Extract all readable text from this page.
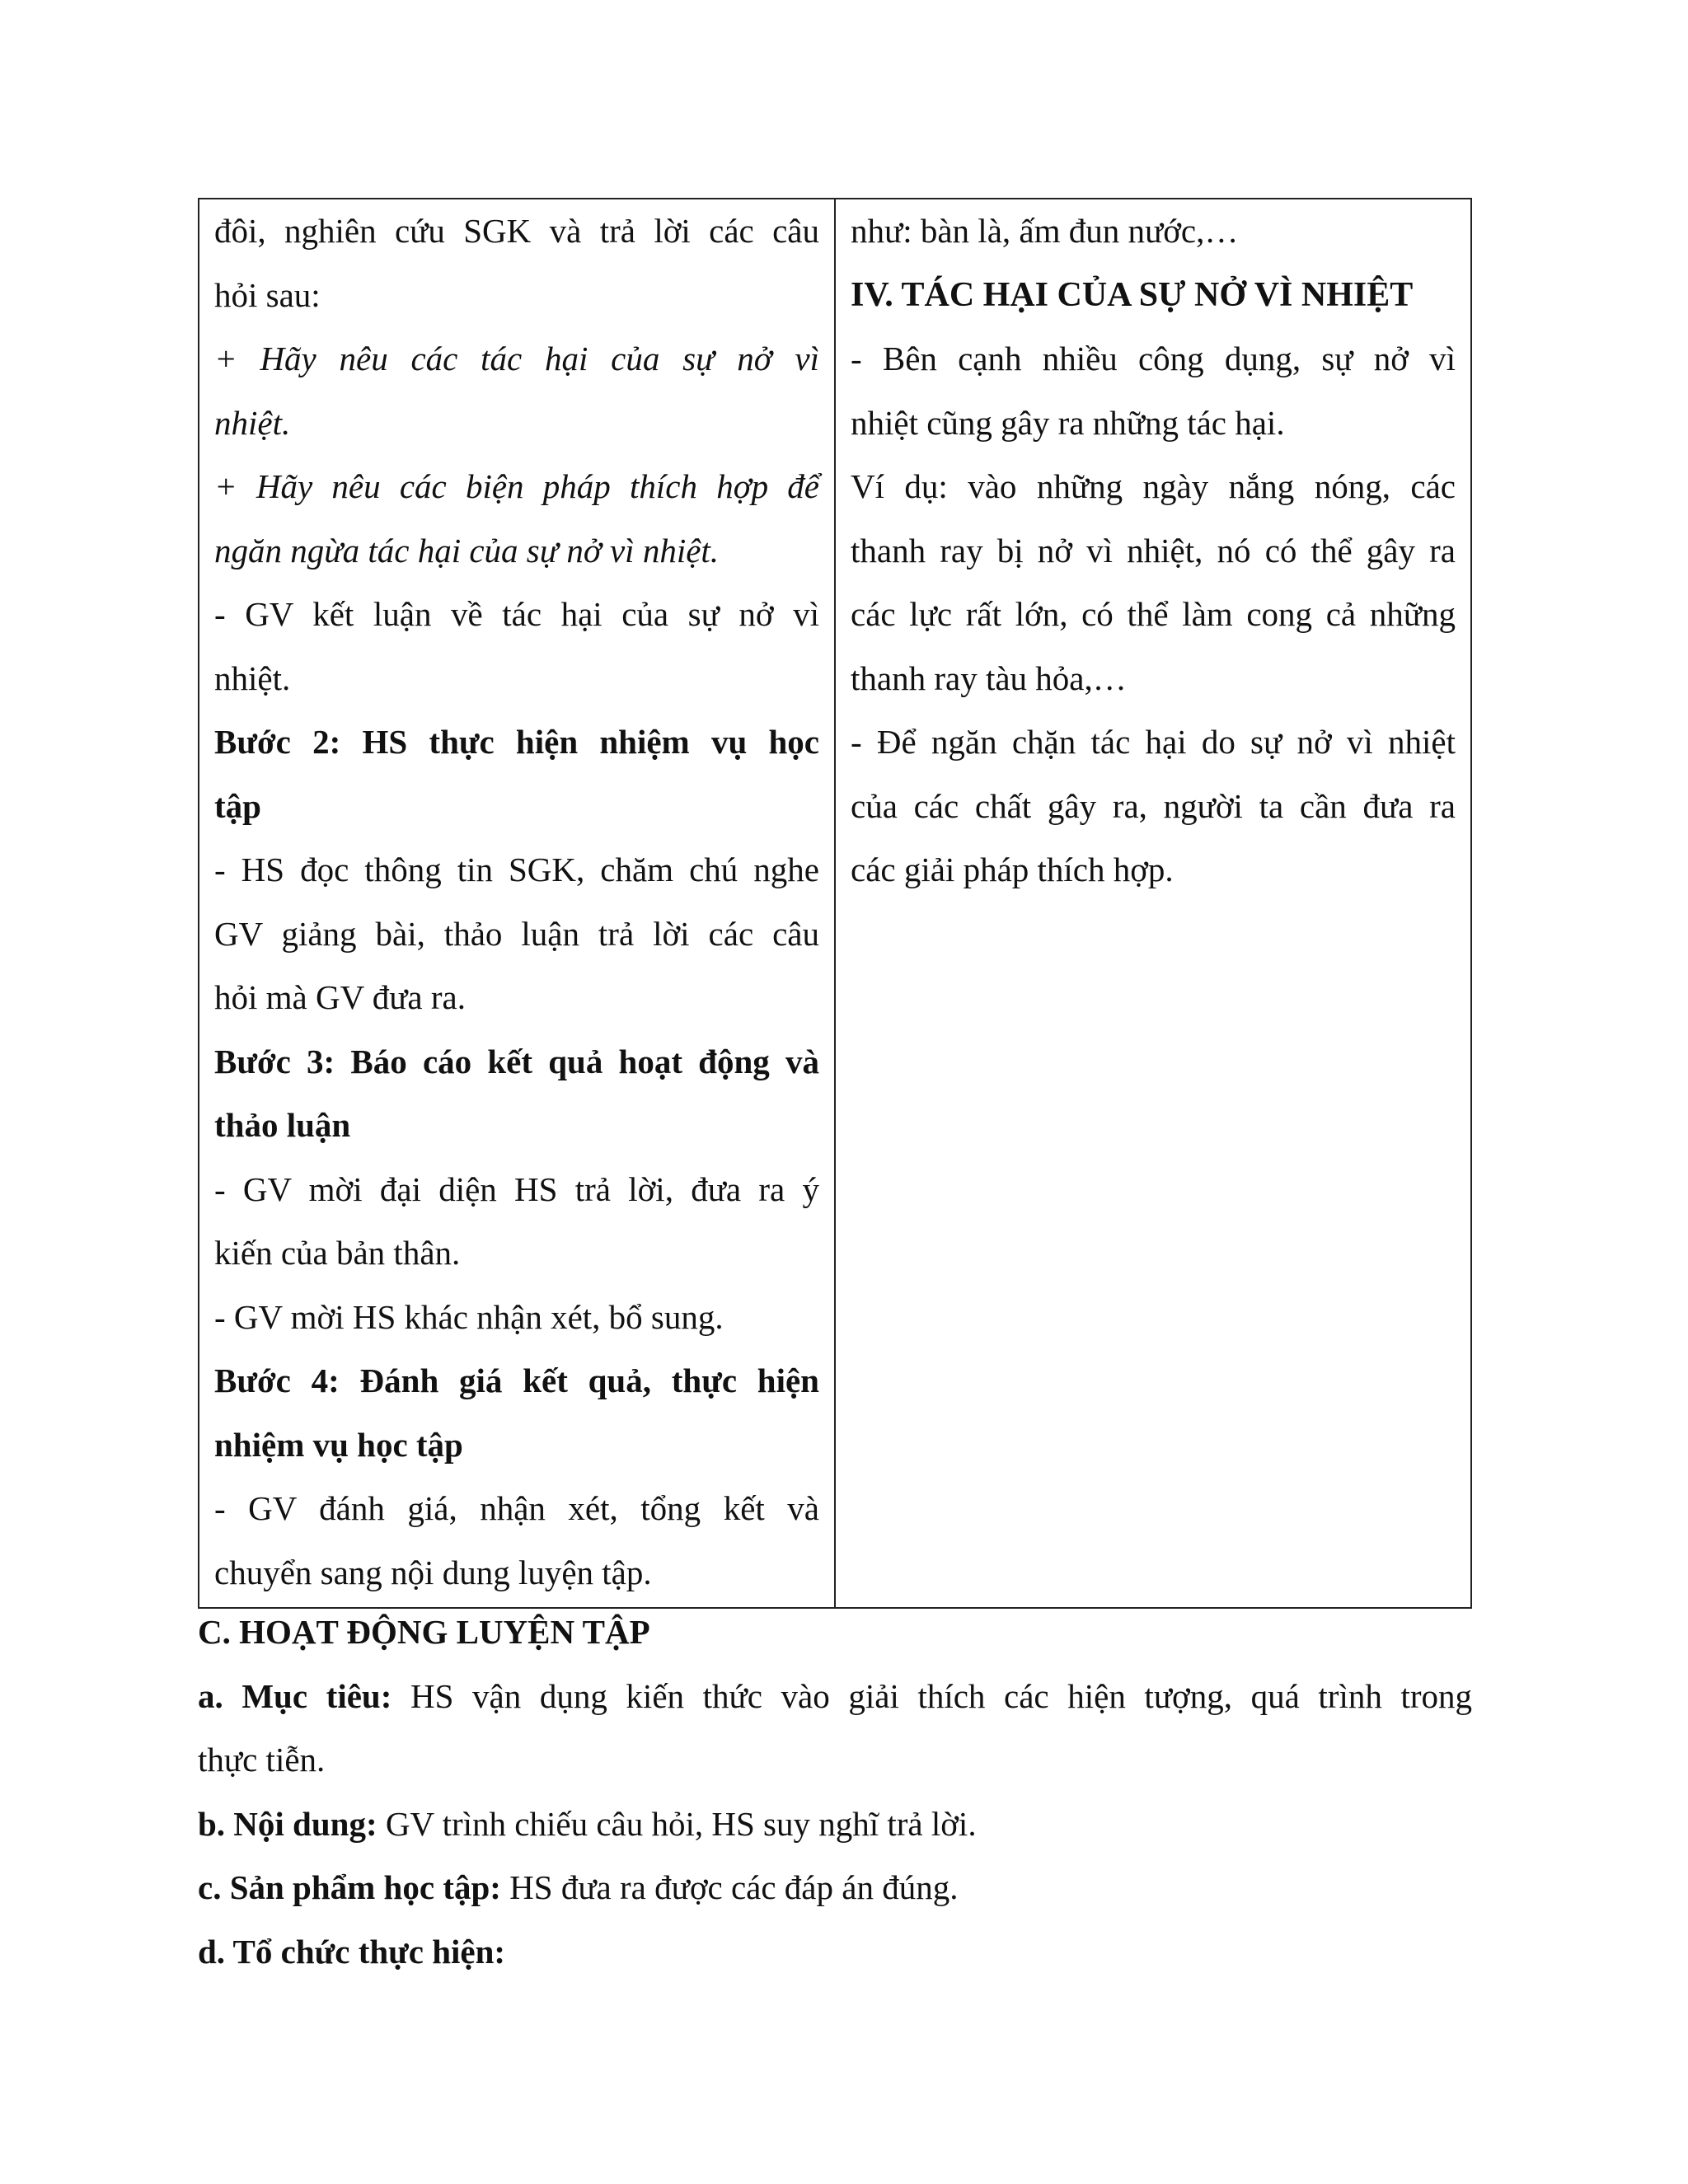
đôi, nghiên cứu SGK và trả lời các câu
hỏi sau:
+ Hãy nêu các tác hại của sự nở vì
nhiệt.
+ Hãy nêu các biện pháp thích hợp để
ngăn ngừa tác hại của sự nở vì nhiệt.
- GV kết luận về tác hại của sự nở vì
nhiệt.
Bước 2: HS thực hiện nhiệm vụ học
tập
- HS đọc thông tin SGK, chăm chú nghe
GV giảng bài, thảo luận trả lời các câu
hỏi mà GV đưa ra.
Bước 3: Báo cáo kết quả hoạt động và
thảo luận
- GV mời đại diện HS trả lời, đưa ra ý
kiến của bản thân.
- GV mời HS khác nhận xét, bổ sung.
Bước 4: Đánh giá kết quả, thực hiện
nhiệm vụ học tập
- GV đánh giá, nhận xét, tổng kết và
chuyển sang nội dung luyện tập.
như: bàn là, ấm đun nước,…
IV. TÁC HẠI CỦA SỰ NỞ VÌ NHIỆT
- Bên cạnh nhiều công dụng, sự nở vì
nhiệt cũng gây ra những tác hại.
Ví dụ: vào những ngày nắng nóng, các
thanh ray bị nở vì nhiệt, nó có thể gây ra
các lực rất lớn, có thể làm cong cả những
thanh ray tàu hỏa,…
- Để ngăn chặn tác hại do sự nở vì nhiệt
của các chất gây ra, người ta cần đưa ra
các giải pháp thích hợp.
C. HOẠT ĐỘNG LUYỆN TẬP
a. Mục tiêu: HS vận dụng kiến thức vào giải thích các hiện tượng, quá trình trong
thực tiễn.
b. Nội dung: GV trình chiếu câu hỏi, HS suy nghĩ trả lời.
c. Sản phẩm học tập: HS đưa ra được các đáp án đúng.
d. Tổ chức thực hiện:
